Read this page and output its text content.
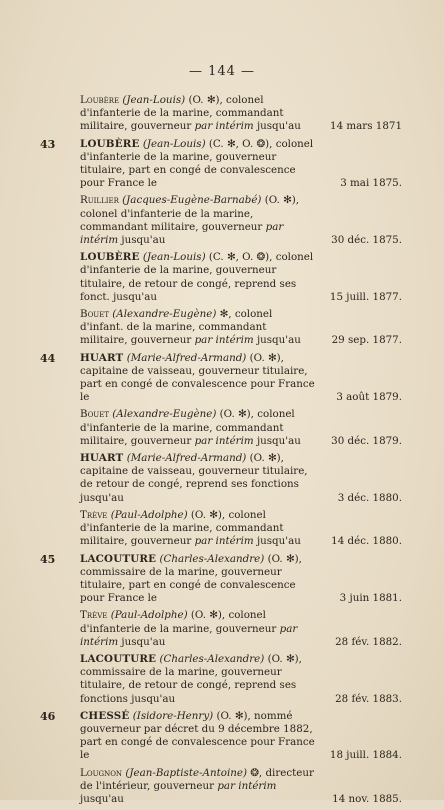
— 144 —
Loubère (Jean-Louis) (O. ✻), colonel d'infanterie de la marine, commandant militaire, gouverneur par intérim jusqu'au	14 mars 1871
43	LOUBÈRE (Jean-Louis) (C. ✻, O. ❂), colonel d'infanterie de la marine, gouverneur titulaire, part en congé de convalescence pour France le	3 mai 1875.
Ruillier (Jacques-Eugène-Barnabé) (O. ✻), colonel d'infanterie de la marine, commandant militaire, gouverneur par intérim jusqu'au	30 déc. 1875.
LOUBÈRE (Jean-Louis) (C. ✻, O. ❂), colonel d'infanterie de la marine, gouverneur titulaire, de retour de congé, reprend ses fonct. jusqu'au	15 juill. 1877.
Bouet (Alexandre-Eugène) ✻, colonel d'infant. de la marine, commandant militaire, gouverneur par intérim jusqu'au	29 sep. 1877.
44	HUART (Marie-Alfred-Armand) (O. ✻), capitaine de vaisseau, gouverneur titulaire, part en congé de convalescence pour France le	3 août 1879.
Bouet (Alexandre-Eugène) (O. ✻), colonel d'infanterie de la marine, commandant militaire, gouverneur par intérim jusqu'au	30 déc. 1879.
HUART (Marie-Alfred-Armand) (O. ✻), capitaine de vaisseau, gouverneur titulaire, de retour de congé, reprend ses fonctions jusqu'au	3 déc. 1880.
Trève (Paul-Adolphe) (O. ✻), colonel d'infanterie de la marine, commandant militaire, gouverneur par intérim jusqu'au	14 déc. 1880.
45	LACOUTURE (Charles-Alexandre) (O. ✻), commissaire de la marine, gouverneur titulaire, part en congé de convalescence pour France le	3 juin 1881.
Trève (Paul-Adolphe) (O. ✻), colonel d'infanterie de la marine, gouverneur par intérim jusqu'au	28 fév. 1882.
LACOUTURE (Charles-Alexandre) (O. ✻), commissaire de la marine, gouverneur titulaire, de retour de congé, reprend ses fonctions jusqu'au	28 fév. 1883.
46	CHESSÉ (Isidore-Henry) (O. ✻), nommé gouverneur par décret du 9 décembre 1882, part en congé de convalescence pour France le	18 juill. 1884.
Lougnon (Jean-Baptiste-Antoine) ❂, directeur de l'intérieur, gouverneur par intérim jusqu'au	14 nov. 1885.
